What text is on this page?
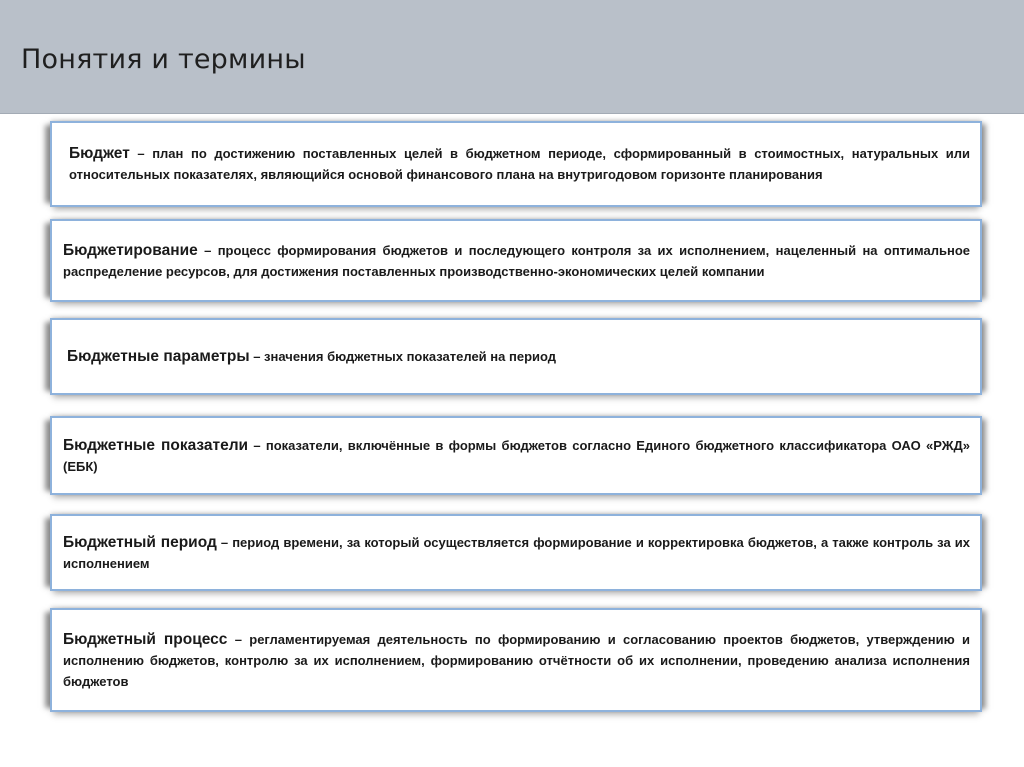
Понятия и термины
Бюджет – план по достижению поставленных целей в бюджетном периоде, сформированный в стоимостных, натуральных или относительных показателях, являющийся основой финансового плана на внутригодовом горизонте планирования
Бюджетирование – процесс формирования бюджетов и последующего контроля за их исполнением, нацеленный на оптимальное распределение ресурсов, для достижения поставленных производственно-экономических целей компании
Бюджетные параметры – значения бюджетных показателей на период
Бюджетные показатели – показатели, включённые в формы бюджетов согласно Единого бюджетного классификатора ОАО «РЖД» (ЕБК)
Бюджетный период – период времени, за который осуществляется формирование и корректировка бюджетов, а также контроль за их исполнением
Бюджетный процесс – регламентируемая деятельность по формированию и согласованию проектов бюджетов, утверждению и исполнению бюджетов, контролю за их исполнением, формированию отчётности об их исполнении, проведению анализа исполнения бюджетов
